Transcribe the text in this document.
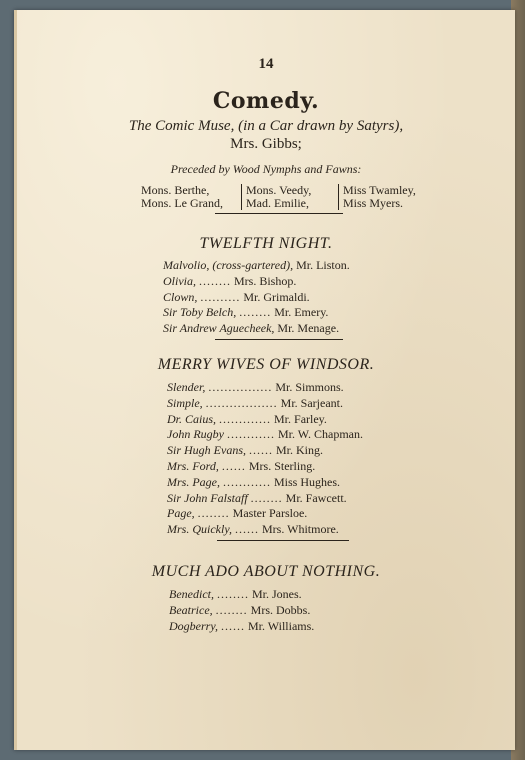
14
Comedy.
The Comic Muse, (in a Car drawn by Satyrs),
Mrs. Gibbs;
Preceded by Wood Nymphs and Fawns:
Mons. Berthe,
Mons. Le Grand,
Mons. Veedy,
Mad. Emilie,
Miss Twamley,
Miss Myers.
TWELFTH NIGHT.
Malvolio, (cross-gartered), Mr. Liston.
Olivia, ........ Mrs. Bishop.
Clown, .......... Mr. Grimaldi.
Sir Toby Belch, ........ Mr. Emery.
Sir Andrew Aguecheek, Mr. Menage.
MERRY WIVES OF WINDSOR.
Slender, ................ Mr. Simmons.
Simple, .................. Mr. Sarjeant.
Dr. Caius, ............. Mr. Farley.
John Rugby ............ Mr. W. Chapman.
Sir Hugh Evans, ...... Mr. King.
Mrs. Ford, ...... Mrs. Sterling.
Mrs. Page, ............ Miss Hughes.
Sir John Falstaff ........ Mr. Fawcett.
Page, ........ Master Parsloe.
Mrs. Quickly, ...... Mrs. Whitmore.
MUCH ADO ABOUT NOTHING.
Benedict, ........ Mr. Jones.
Beatrice, ........ Mrs. Dobbs.
Dogberry, ...... Mr. Williams.
